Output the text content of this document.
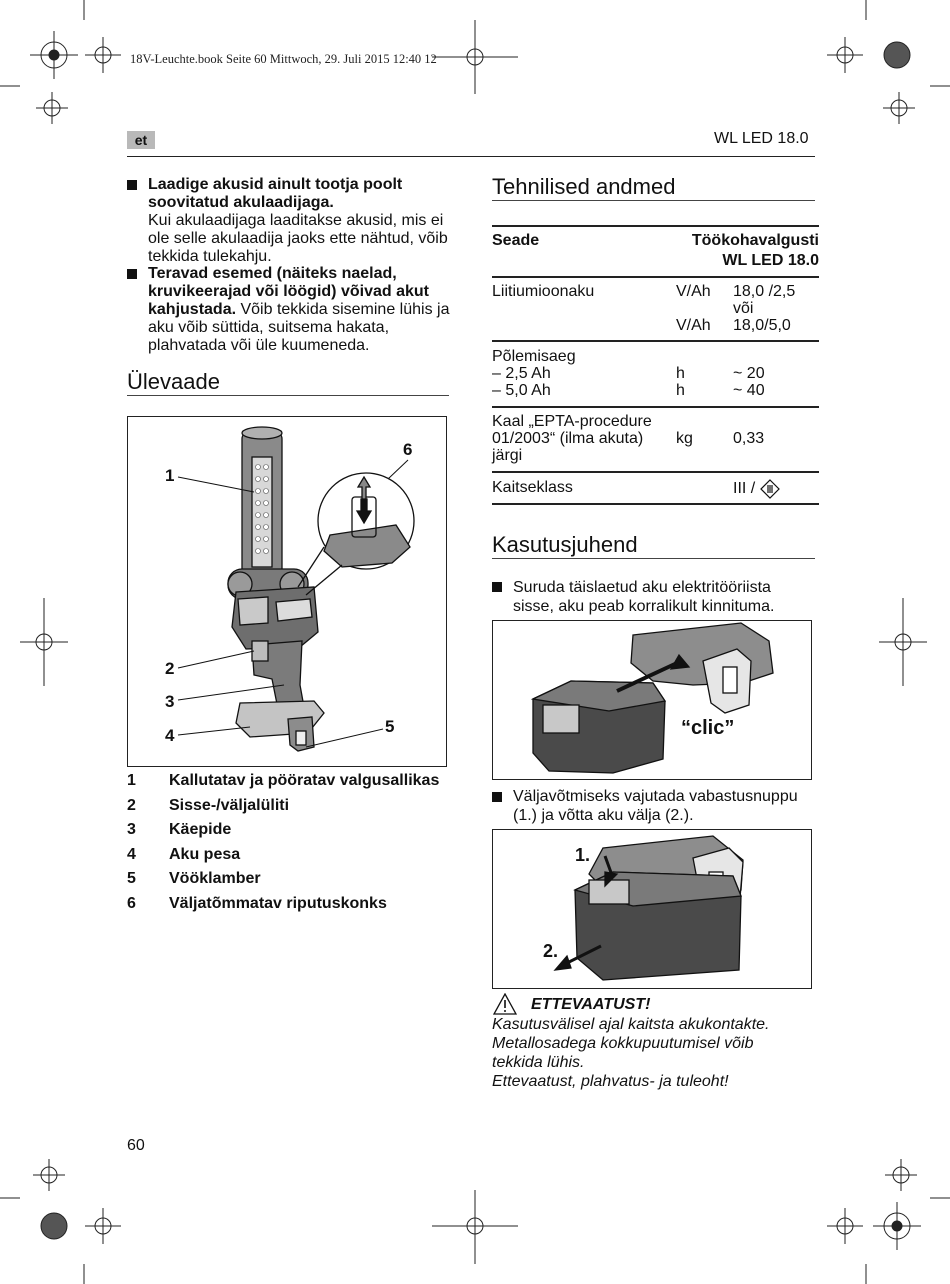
18V-Leuchte.book Seite 60 Mittwoch, 29. Juli 2015 12:40 12
et	WL LED 18.0
Laadige akusid ainult tootja poolt soovitatud akulaadijaga.
Kui akulaadijaga laaditakse akusid, mis ei ole selle akulaadija jaoks ette nähtud, võib tekkida tulekahju.
Teravad esemed (näiteks naelad, kruvikeerajad või löögid) võivad akut kahjustada. Võib tekkida sisemine lühis ja aku võib süttida, suitsema hakata, plahvatada või üle kuumeneda.
Ülevaade
1
2
3
4	5
6
1 Kallutatav ja pööratav valgusallikas
2 Sisse-/väljalüliti
3 Käepide
4 Aku pesa
5 Vööklamber
6 Väljatõmmatav riputuskonks
Tehnilised andmed
Seade	Töökohavalgusti
WL LED 18.0
Liitiumioonaku	V/Ah 18,0 /2,5
või
V/Ah 18,0/5,0
Põlemisaeg
– 2,5 Ah	h	~ 20
– 5,0 Ah	h	~ 40
Kaal „EPTA-procedure
01/2003“ (ilma akuta)
järgi
kg	0,33
Kaitseklass	III /
Kasutusjuhend
Suruda täislaetud aku elektritööriista sisse, aku peab korralikult kinnituma.
“clic”
Väljavõtmiseks vajutada vabastusnuppu (1.) ja võtta aku välja (2.).
1.
2.
ETTEVAATUST!
Kasutusvälisel ajal kaitsta akukontakte.
Metallosadega kokkupuutumisel võib
tekkida lühis.
Ettevaatust, plahvatus- ja tuleoht!
60
